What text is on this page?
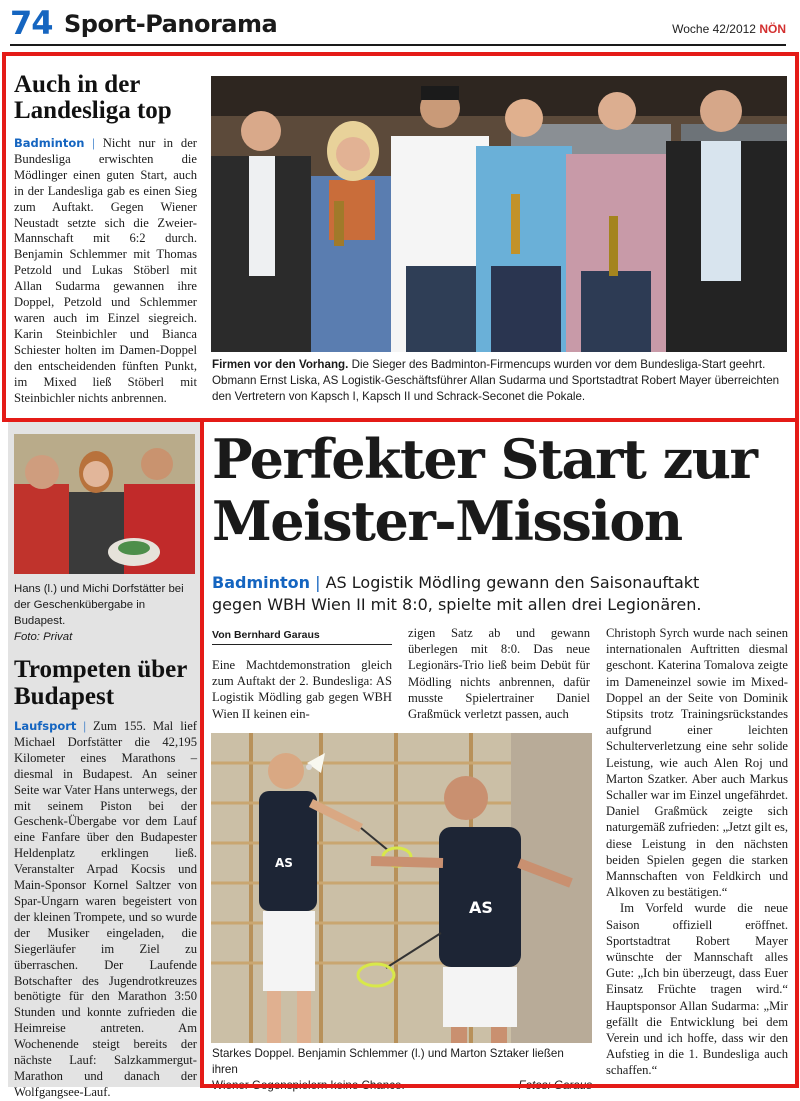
74 Sport-Panorama	Woche 42/2012 NÖN
Auch in der
Landesliga top
Badminton | Nicht nur in der Bundesliga erwischten die Mödlinger einen guten Start, auch in der Landesliga gab es einen Sieg zum Auftakt. Gegen Wiener Neustadt setzte sich die Zweier-Mannschaft mit 6:2 durch. Benjamin Schlemmer mit Thomas Petzold und Lukas Stöberl mit Allan Sudarma gewannen ihre Doppel, Petzold und Schlemmer waren auch im Einzel siegreich. Karin Steinbichler und Bianca Schiester holten im Damen-Doppel den entscheidenden fünften Punkt, im Mixed ließ Stöberl mit Steinbichler nichts anbrennen.
Firmen vor den Vorhang. Die Sieger des Badminton-Firmencups wurden vor dem Bundesliga-Start geehrt. Obmann Ernst Liska, AS Logistik-Geschäftsführer Allan Sudarma und Sportstadtrat Robert Mayer überreichten den Vertretern von Kapsch I, Kapsch II und Schrack-Seconet die Pokale.
Hans (l.) und Michi Dorfstätter bei der Geschenkübergabe in Budapest.
Foto: Privat
Trompeten über
Budapest
Laufsport | Zum 155. Mal lief Michael Dorfstätter die 42,195 Kilometer eines Marathons – diesmal in Budapest. An seiner Seite war Vater Hans unterwegs, der mit seinem Piston bei der Geschenk-Übergabe vor dem Lauf eine Fanfare über den Budapester Heldenplatz erklingen ließ. Veranstalter Arpad Kocsis und Main-Sponsor Kornel Saltzer von Spar-Ungarn waren begeistert von der kleinen Trompete, und so wurde der Musiker eingeladen, die Siegerläufer im Ziel zu überraschen. Der Laufende Botschafter des Jugendrotkreuzes benötigte für den Marathon 3:50 Stunden und konnte zufrieden die Heimreise antreten. Am Wochenende steigt bereits der nächste Lauf: Salzkammergut-Marathon und danach der Wolfgangsee-Lauf.
Perfekter Start zur
Meister-Mission
Badminton | AS Logistik Mödling gewann den Saisonauftakt
gegen WBH Wien II mit 8:0, spielte mit allen drei Legionären.
Von Bernhard Garaus

Eine Machtdemonstration gleich zum Auftakt der 2. Bundesliga: AS Logistik Mödling gab gegen WBH Wien II keinen ein-

zigen Satz ab und gewann überlegen mit 8:0. Das neue Legionärs-Trio ließ beim Debüt für Mödling nichts anbrennen, dafür musste Spielertrainer Daniel Graßmück verletzt passen, auch

Christoph Syrch wurde nach seinen internationalen Auftritten diesmal geschont. Katerina Tomalova zeigte im Dameneinzel sowie im Mixed-Doppel an der Seite von Dominik Stipsits trotz Trainingsrückstandes aufgrund einer leichten Schulterverletzung eine sehr solide Leistung, wie auch Alen Roj und Marton Szatker. Aber auch Markus Schaller war im Einzel ungefährdet. Daniel Graßmück zeigte sich naturgemäß zufrieden: „Jetzt gilt es, diese Leistung in den nächsten beiden Spielen gegen die starken Mannschaften von Feldkirch und Alkoven zu bestätigen.“

Im Vorfeld wurde die neue Saison offiziell eröffnet. Sportstadtrat Robert Mayer wünschte der Mannschaft alles Gute: „Ich bin überzeugt, dass Euer Einsatz Früchte tragen wird.“ Hauptsponsor Allan Sudarma: „Mir gefällt die Entwicklung bei dem Verein und ich hoffe, dass wir den Aufstieg in die 1. Bundesliga auch schaffen.“

AS
AS
Starkes Doppel. Benjamin Schlemmer (l.) und Marton Sztaker ließen ihren
Wiener Gegenspielern keine Chance.	Fotos: Garaus
